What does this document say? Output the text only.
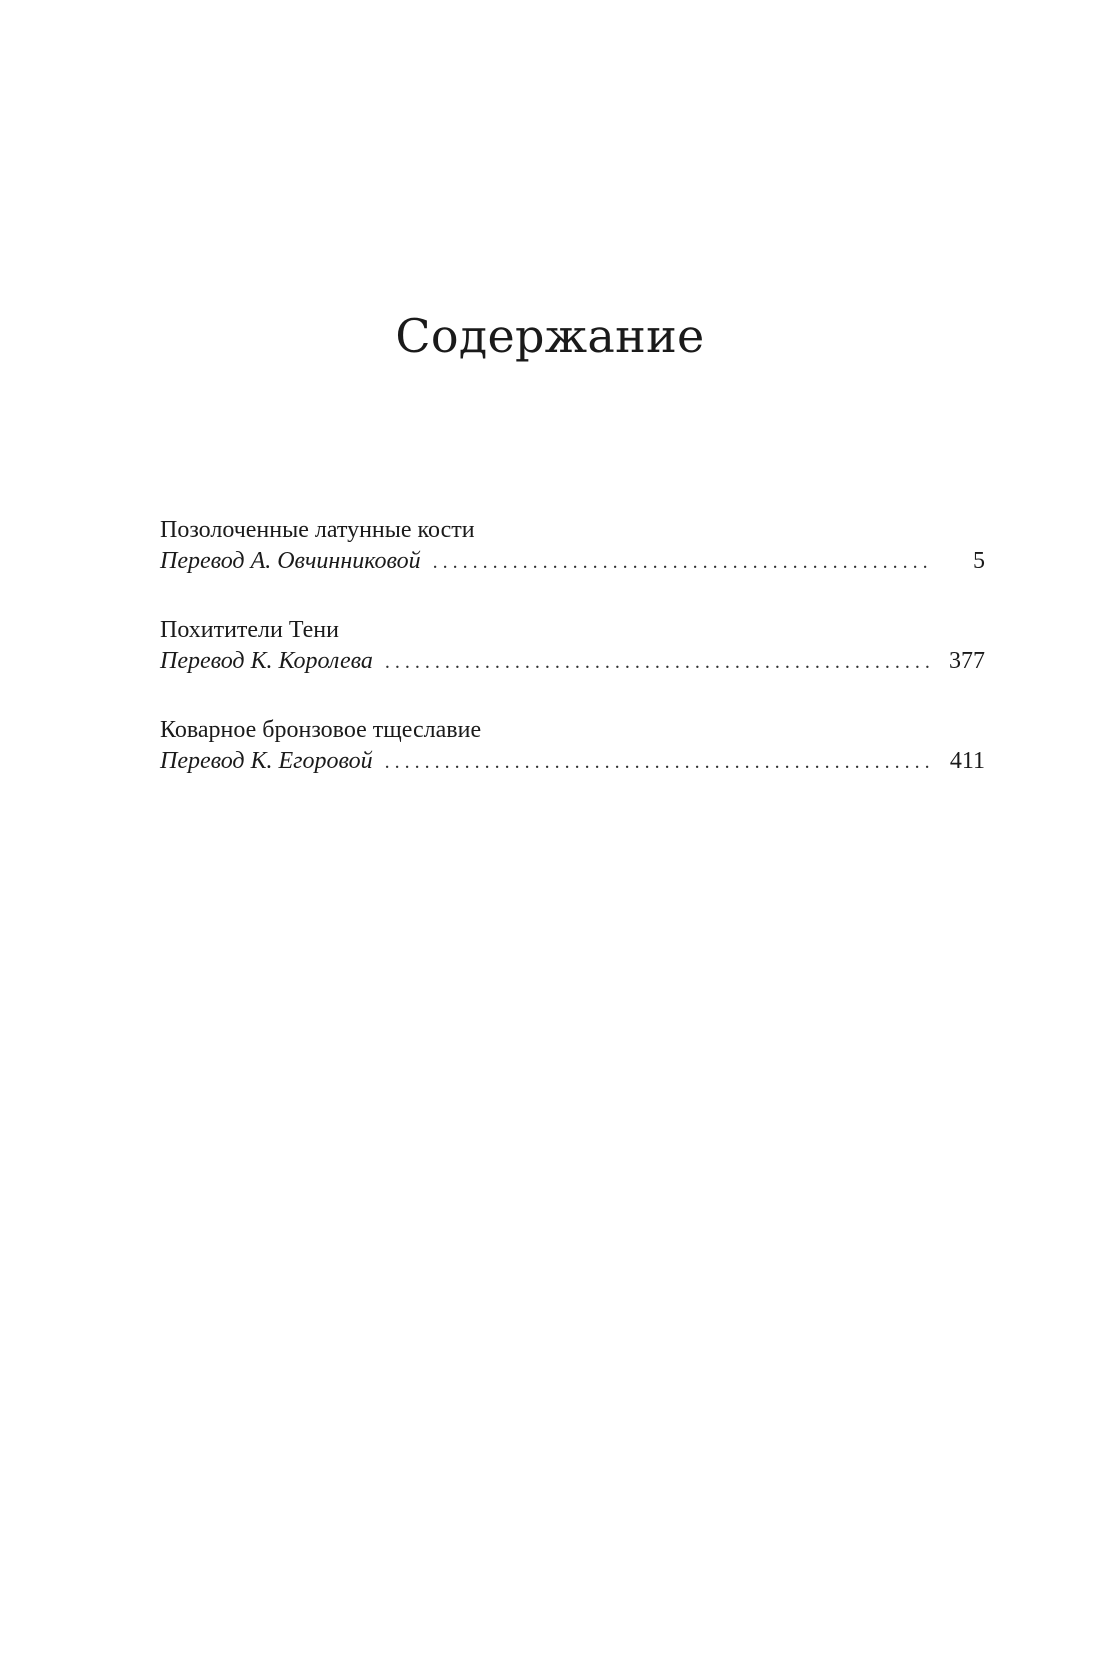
Содержание
Позолоченные латунные кости
Перевод А. Овчинниковой . . .	5
Похитители Тени
Перевод К. Королева . . .	377
Коварное бронзовое тщеславие
Перевод К. Егоровой . . .	411
